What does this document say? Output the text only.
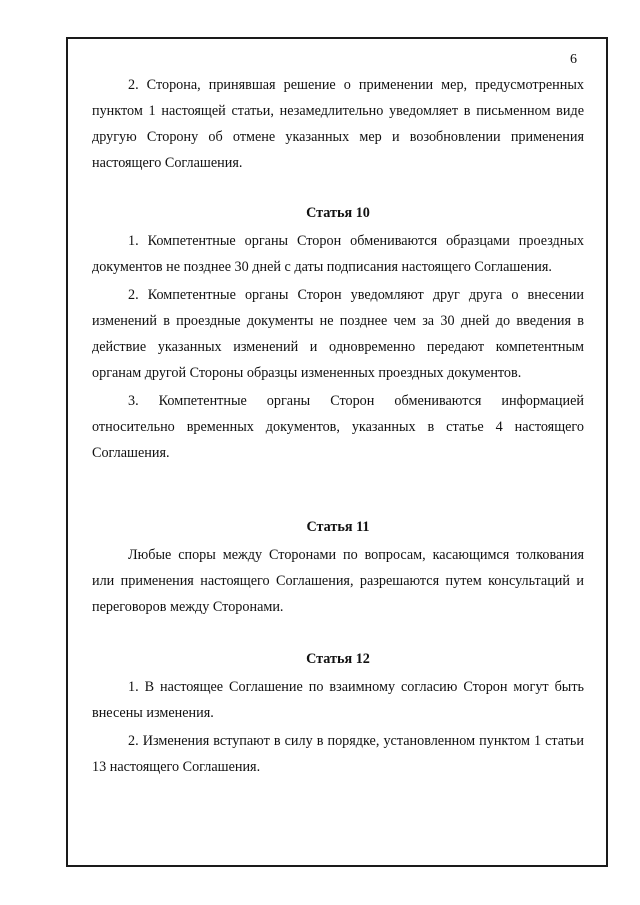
6

2. Сторона, принявшая решение о применении мер, предусмотренных пунктом 1 настоящей статьи, незамедлительно уведомляет в письменном виде другую Сторону об отмене указанных мер и возобновлении применения настоящего Соглашения.

Статья 10

1. Компетентные органы Сторон обмениваются образцами проездных документов не позднее 30 дней с даты подписания настоящего Соглашения.

2. Компетентные органы Сторон уведомляют друг друга о внесении изменений в проездные документы не позднее чем за 30 дней до введения в действие указанных изменений и одновременно передают компетентным органам другой Стороны образцы измененных проездных документов.

3. Компетентные органы Сторон обмениваются информацией относительно временных документов, указанных в статье 4 настоящего Соглашения.

Статья 11

Любые споры между Сторонами по вопросам, касающимся толкования или применения настоящего Соглашения, разрешаются путем консультаций и переговоров между Сторонами.

Статья 12

1. В настоящее Соглашение по взаимному согласию Сторон могут быть внесены изменения.

2. Изменения вступают в силу в порядке, установленном пунктом 1 статьи 13 настоящего Соглашения.
